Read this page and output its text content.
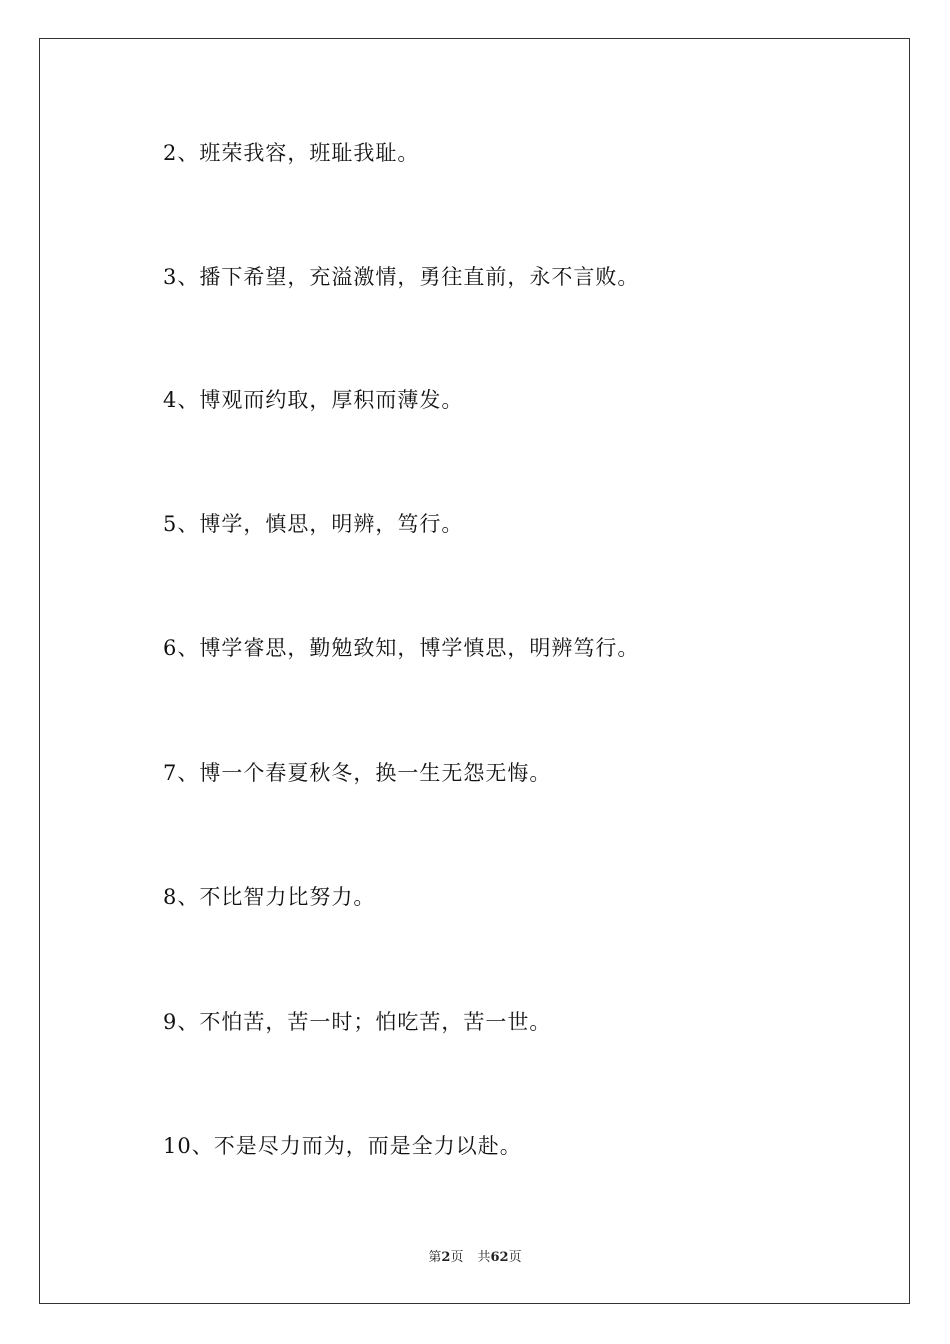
2、班荣我容，班耻我耻。
3、播下希望，充溢激情，勇往直前，永不言败。
4、博观而约取，厚积而薄发。
5、博学，慎思，明辨，笃行。
6、博学睿思，勤勉致知，博学慎思，明辨笃行。
7、博一个春夏秋冬，换一生无怨无悔。
8、不比智力比努力。
9、不怕苦，苦一时；怕吃苦，苦一世。
10、不是尽力而为，而是全力以赴。
第2页 共62页
